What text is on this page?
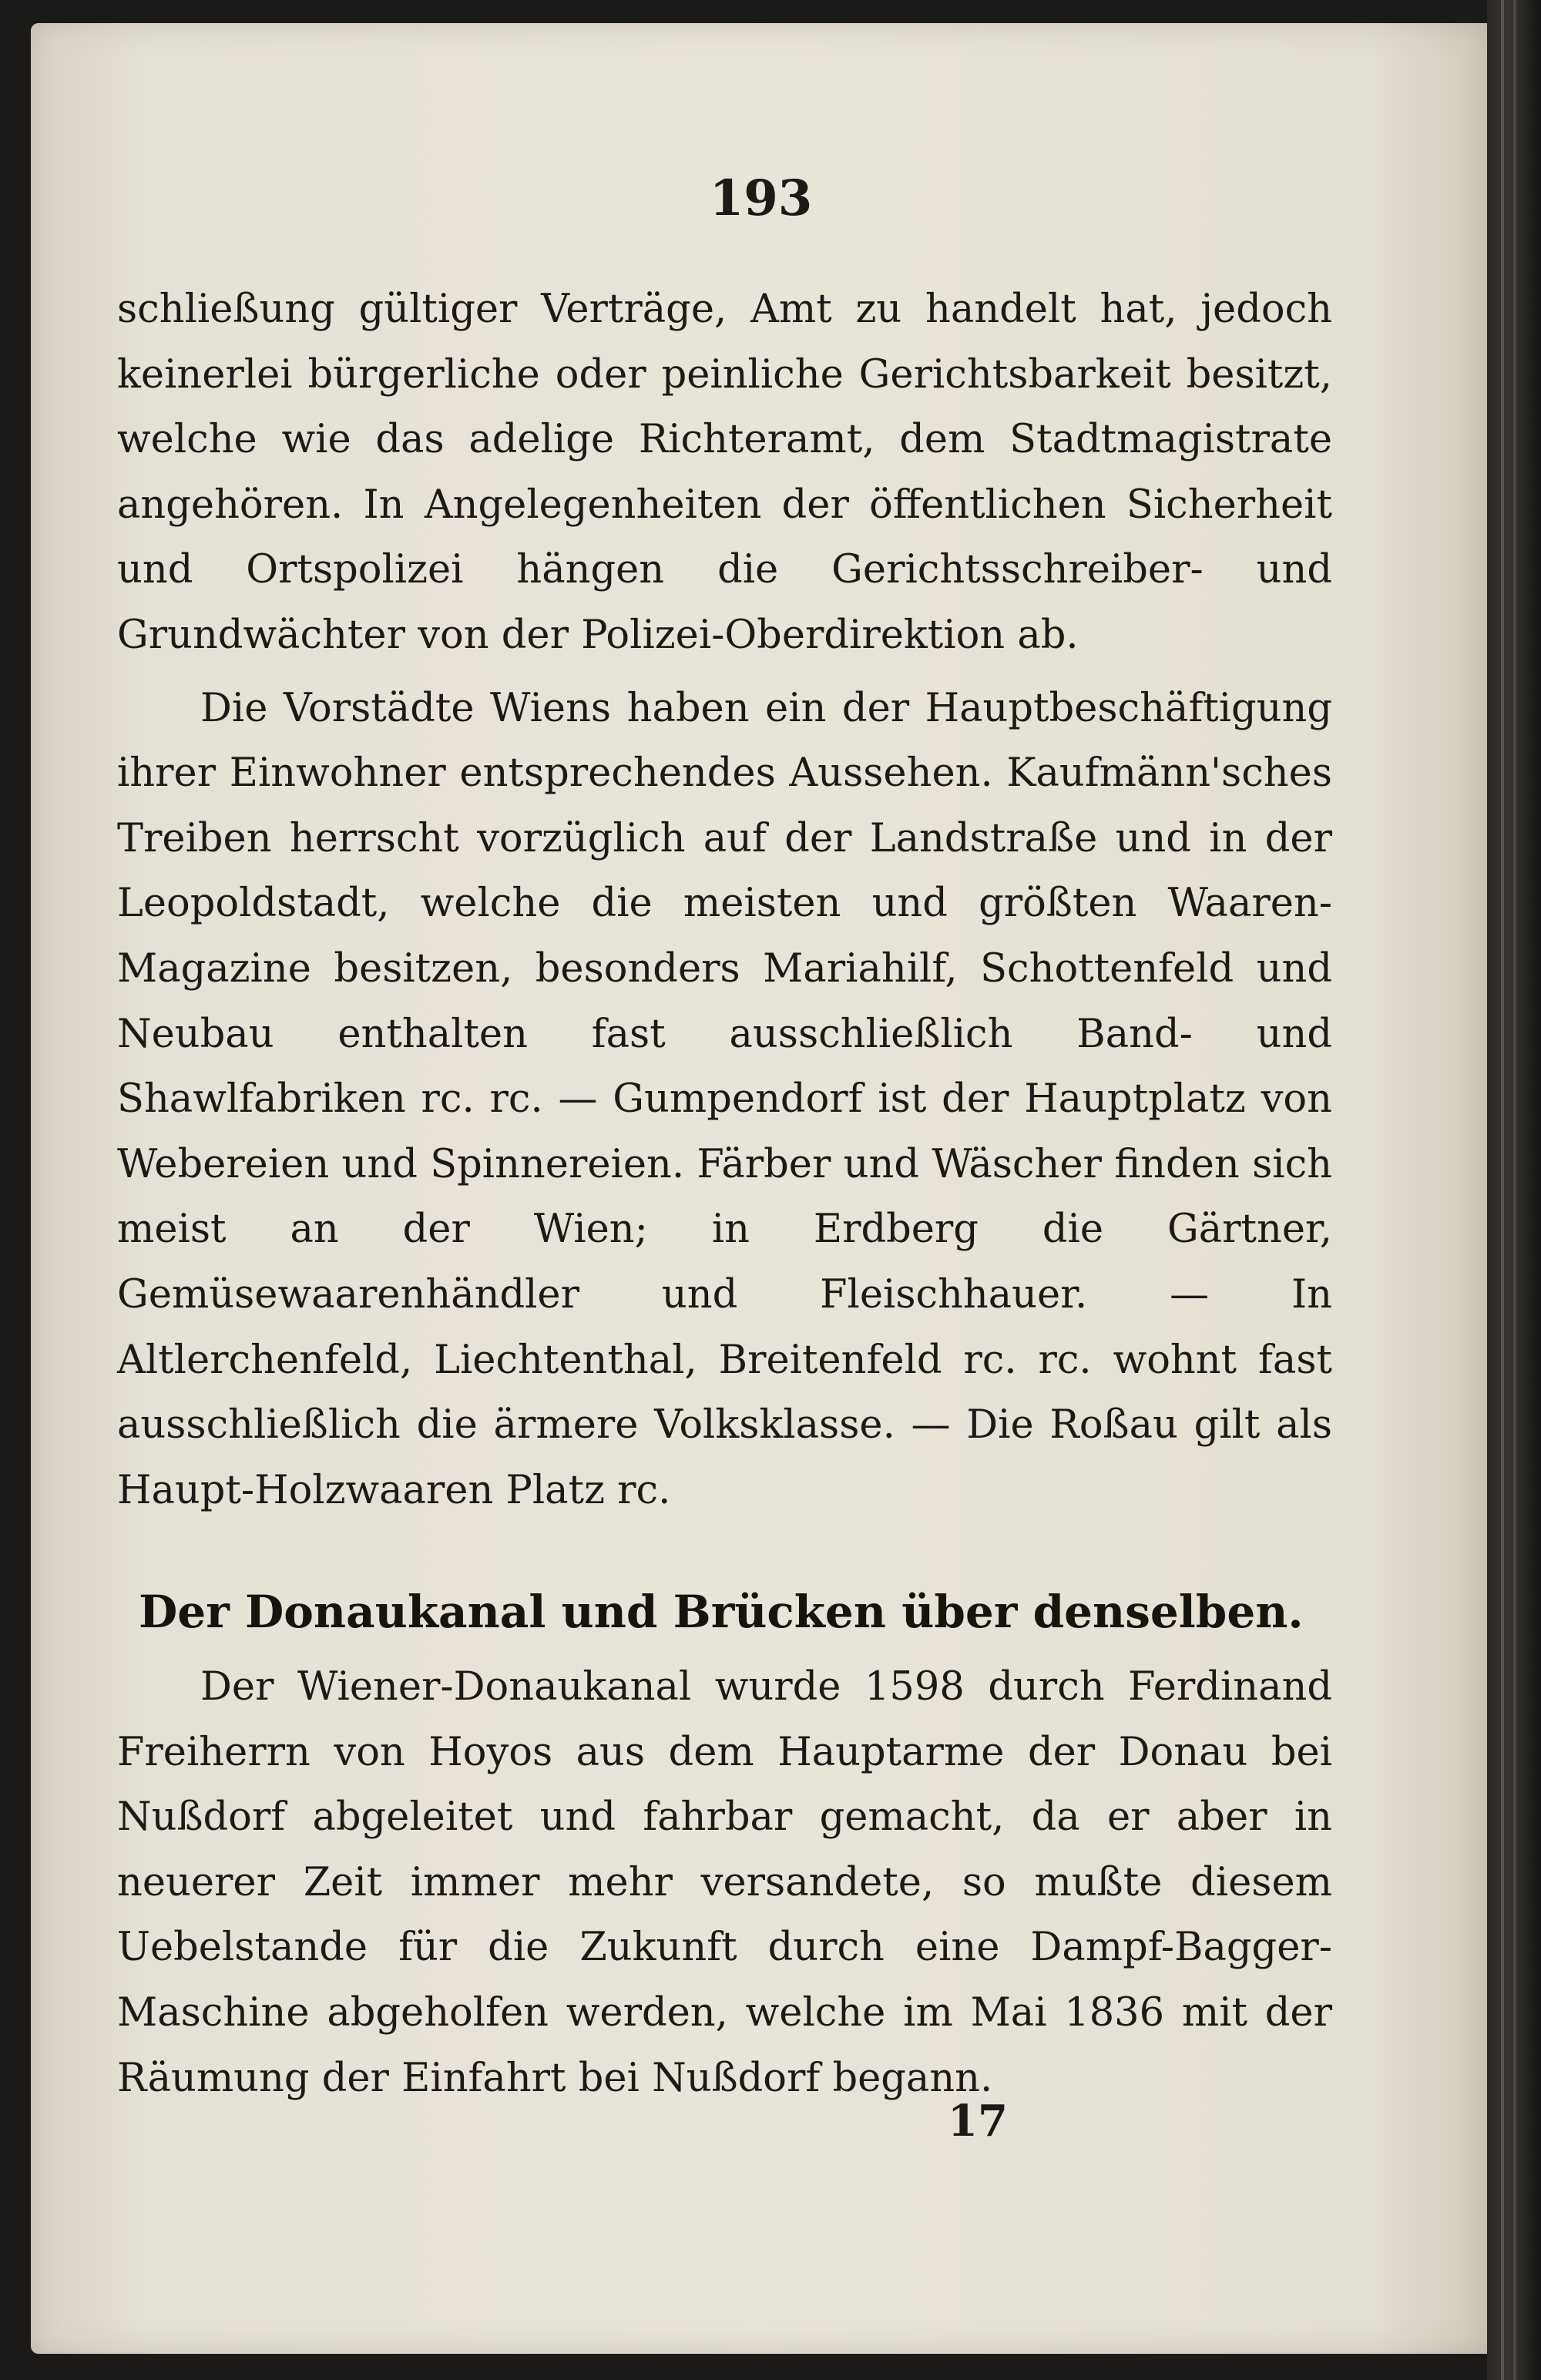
193

schließung gültiger Verträge, Amt zu handelt hat, jedoch keinerlei bürgerliche oder peinliche Gerichtsbarkeit besitzt, welche wie das adelige Richteramt, dem Stadtmagistrate angehören. In Angelegenheiten der öffentlichen Sicherheit und Ortspolizei hängen die Gerichtsschreiber- und Grundwächter von der Polizei-Oberdirektion ab.

Die Vorstädte Wiens haben ein der Hauptbeschäftigung ihrer Einwohner entsprechendes Aussehen. Kaufmänn'sches Treiben herrscht vorzüglich auf der Landstraße und in der Leopoldstadt, welche die meisten und größten Waaren-Magazine besitzen, besonders Mariahilf, Schottenfeld und Neubau enthalten fast ausschließlich Band- und Shawlfabriken rc. rc. — Gumpendorf ist der Hauptplatz von Webereien und Spinnereien. Färber und Wäscher finden sich meist an der Wien; in Erdberg die Gärtner, Gemüsewaarenhändler und Fleischhauer. — In Altlerchenfeld, Liechtenthal, Breitenfeld rc. rc. wohnt fast ausschließlich die ärmere Volksklasse. — Die Roßau gilt als Haupt-Holzwaaren Platz rc.

Der Donaukanal und Brücken über denselben.

Der Wiener-Donaukanal wurde 1598 durch Ferdinand Freiherrn von Hoyos aus dem Hauptarme der Donau bei Nußdorf abgeleitet und fahrbar gemacht, da er aber in neuerer Zeit immer mehr versandete, so mußte diesem Uebelstande für die Zukunft durch eine Dampf-Bagger-Maschine abgeholfen werden, welche im Mai 1836 mit der Räumung der Einfahrt bei Nußdorf begann.

17
